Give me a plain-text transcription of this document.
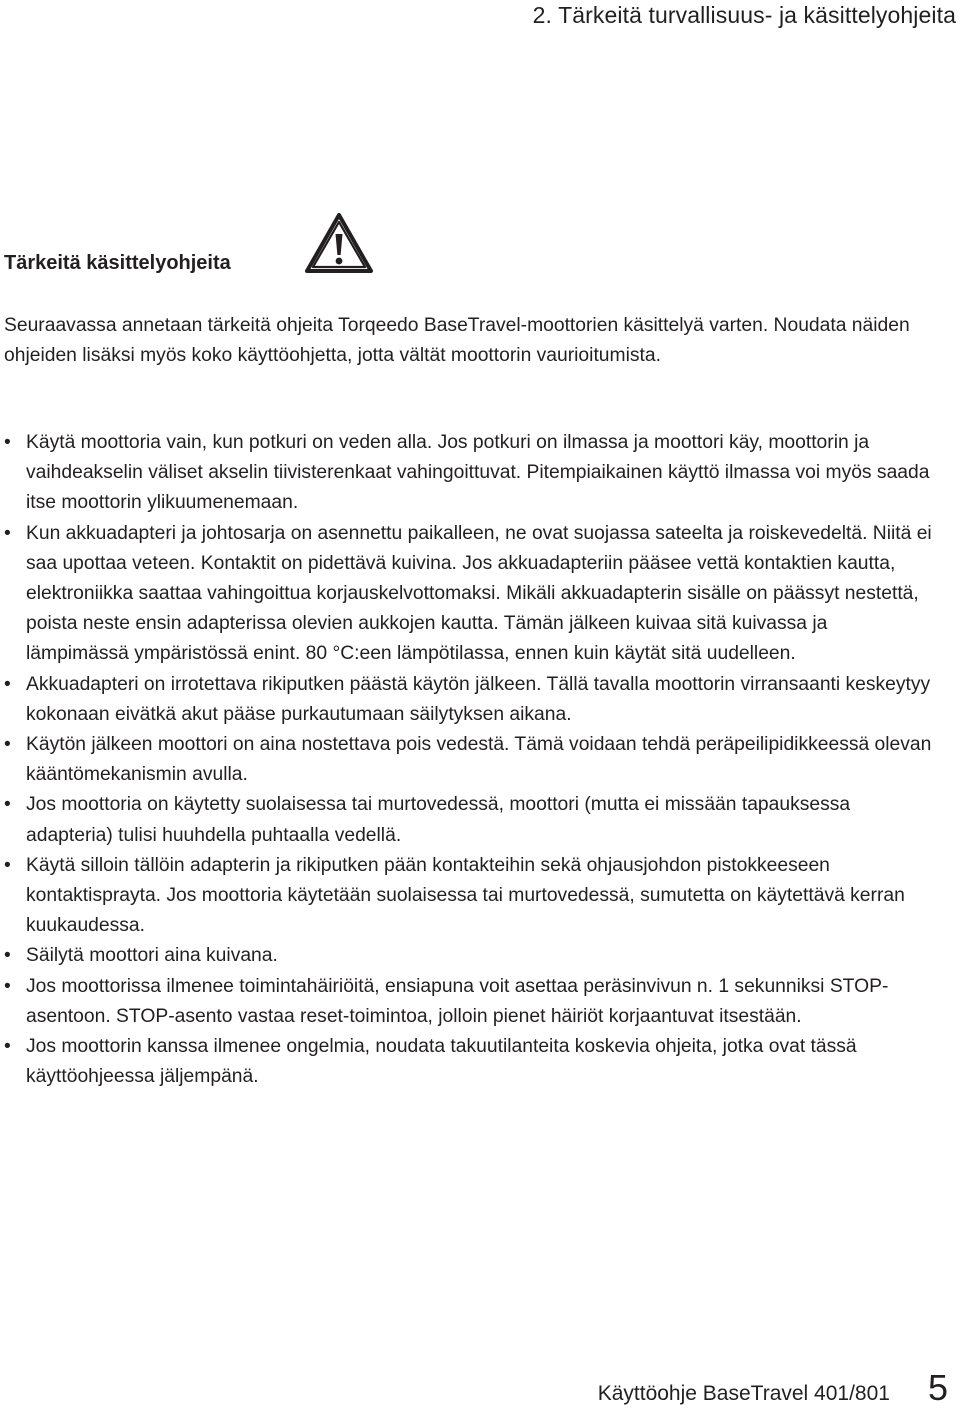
2. Tärkeitä turvallisuus- ja käsittelyohjeita
Tärkeitä käsittelyohjeita

Seuraavassa annetaan tärkeitä ohjeita Torqeedo BaseTravel-moottorien käsittelyä varten. Noudata näiden ohjeiden lisäksi myös koko käyttöohjetta, jotta vältät moottorin vaurioitumista.

• Käytä moottoria vain, kun potkuri on veden alla. Jos potkuri on ilmassa ja moottori käy, moottorin ja vaihdeakselin väliset akselin tiivisterenkaat vahingoittuvat. Pitempiaikainen käyttö ilmassa voi myös saada itse moottorin ylikuumenemaan.
• Kun akkuadapteri ja johtosarja on asennettu paikalleen, ne ovat suojassa sateelta ja roiskevedeltä. Niitä ei saa upottaa veteen. Kontaktit on pidettävä kuivina. Jos akkuadapteriin pääsee vettä kontaktien kautta, elektroniikka saattaa vahingoittua korjauskelvottomaksi. Mikäli akkuadapterin sisälle on päässyt nestettä, poista neste ensin adapterissa olevien aukkojen kautta. Tämän jälkeen kuivaa sitä kuivassa ja lämpimässä ympäristössä enint. 80 °C:een lämpötilassa, ennen kuin käytät sitä uudelleen.
• Akkuadapteri on irrotettava rikiputken päästä käytön jälkeen. Tällä tavalla moottorin virransaanti keskeytyy kokonaan eivätkä akut pääse purkautumaan säilytyksen aikana.
• Käytön jälkeen moottori on aina nostettava pois vedestä. Tämä voidaan tehdä peräpeilipidikkeessä olevan kääntömekanismin avulla.
• Jos moottoria on käytetty suolaisessa tai murtovedessä, moottori (mutta ei missään tapauksessa adapteria) tulisi huuhdella puhtaalla vedellä.
• Käytä silloin tällöin adapterin ja rikiputken pään kontakteihin sekä ohjausjohdon pistokkeeseen kontaktisprayta. Jos moottoria käytetään suolaisessa tai murtovedessä, sumutetta on käytettävä kerran kuukaudessa.
• Säilytä moottori aina kuivana.
• Jos moottorissa ilmenee toimintahäiriöitä, ensiapuna voit asettaa peräsinvivun n. 1 sekunniksi STOP-asentoon. STOP-asento vastaa reset-toimintoa, jolloin pienet häiriöt korjaantuvat itsestään.
• Jos moottorin kanssa ilmenee ongelmia, noudata takuutilanteita koskevia ohjeita, jotka ovat tässä käyttöohjeessa jäljempänä.
Käyttöohje BaseTravel 401/801 5
